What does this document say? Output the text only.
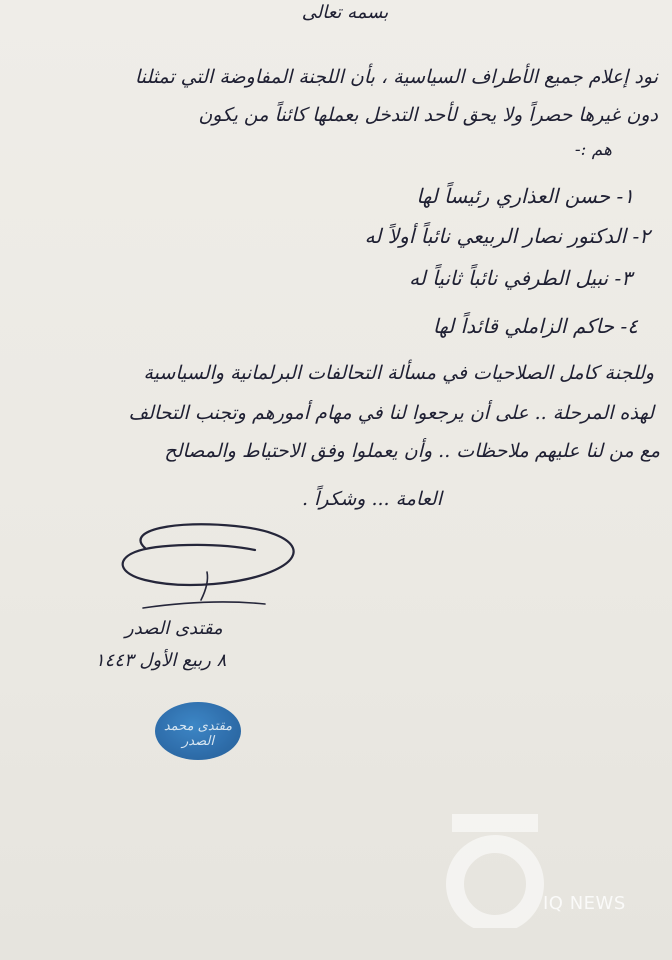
بسمه تعالى
نود إعلام جميع الأطراف السياسية ، بأن اللجنة المفاوضة التي تمثلنا
دون غيرها حصراً ولا يحق لأحد التدخل بعملها كائناً من يكون
هم :-
١- حسن العذاري رئيساً لها
٢- الدكتور نصار الربيعي نائباً أولاً له
٣- نبيل الطرفي نائباً ثانياً له
٤- حاكم الزاملي قائداً لها
وللجنة كامل الصلاحيات في مسألة التحالفات البرلمانية والسياسية
لهذه المرحلة .. على أن يرجعوا لنا في مهام أمورهم وتجنب التحالف
مع من لنا عليهم ملاحظات .. وأن يعملوا وفق الاحتياط والمصالح
العامة ... وشكراً .
مقتدى الصدر
٨ ربيع الأول ١٤٤٣
مقتدى محمد الصدر
IQ NEWS
